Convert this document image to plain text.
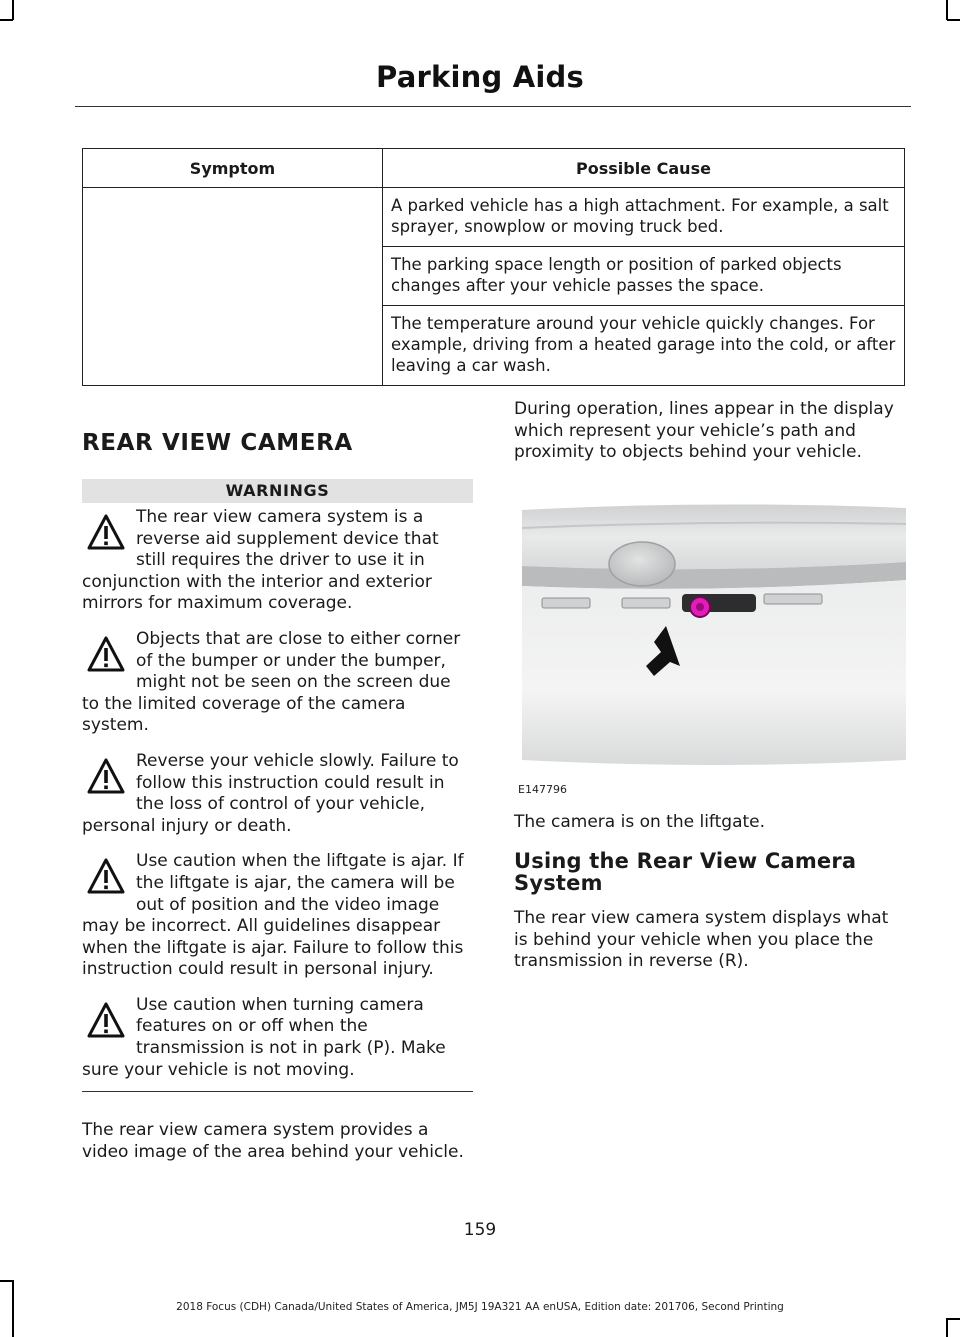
Parking Aids
Symptom	Possible Cause
	A parked vehicle has a high attachment. For example, a salt sprayer, snowplow or moving truck bed.
	The parking space length or position of parked objects changes after your vehicle passes the space.
	The temperature around your vehicle quickly changes. For example, driving from a heated garage into the cold, or after leaving a car wash.
REAR VIEW CAMERA
WARNINGS

The rear view camera system is a reverse aid supplement device that still requires the driver to use it in conjunction with the interior and exterior mirrors for maximum coverage.

Objects that are close to either corner of the bumper or under the bumper, might not be seen on the screen due to the limited coverage of the camera system.

Reverse your vehicle slowly. Failure to follow this instruction could result in the loss of control of your vehicle, personal injury or death.

Use caution when the liftgate is ajar. If the liftgate is ajar, the camera will be out of position and the video image may be incorrect. All guidelines disappear when the liftgate is ajar. Failure to follow this instruction could result in personal injury.

Use caution when turning camera features on or off when the transmission is not in park (P). Make sure your vehicle is not moving.

The rear view camera system provides a video image of the area behind your vehicle.

During operation, lines appear in the display which represent your vehicle’s path and proximity to objects behind your vehicle.

E147796

The camera is on the liftgate.

Using the Rear View Camera System

The rear view camera system displays what is behind your vehicle when you place the transmission in reverse (R).

159
2018 Focus (CDH) Canada/United States of America, JM5J 19A321 AA enUSA, Edition date: 201706, Second Printing
